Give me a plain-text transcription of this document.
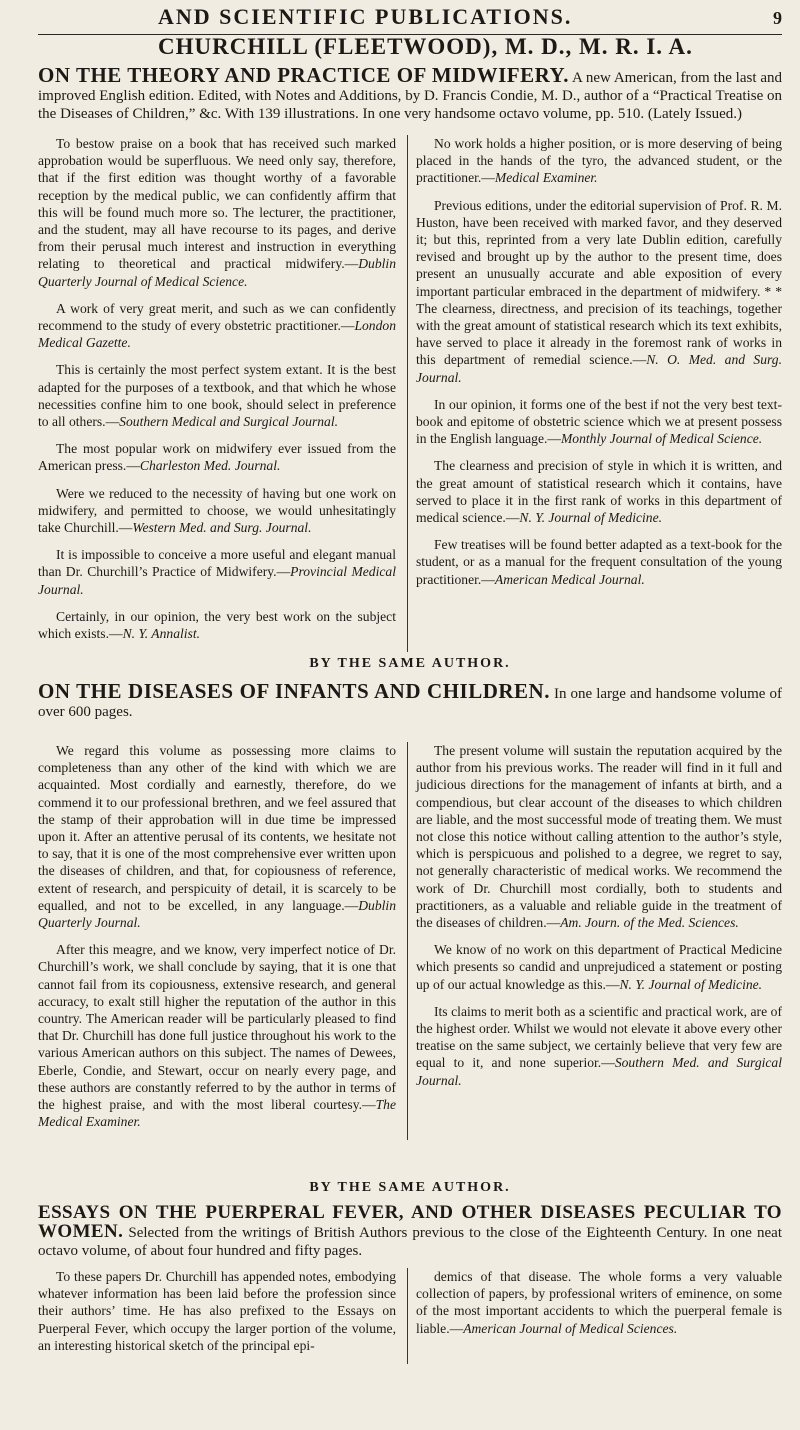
AND SCIENTIFIC PUBLICATIONS.	9
CHURCHILL (FLEETWOOD), M. D., M. R. I. A.
ON THE THEORY AND PRACTICE OF MIDWIFERY. A new American, from the last and improved English edition. Edited, with Notes and Additions, by D. Francis Condie, M. D., author of a “Practical Treatise on the Diseases of Children,” &c. With 139 illustrations. In one very handsome octavo volume, pp. 510. (Lately Issued.)

To bestow praise on a book that has received such marked approbation would be superfluous. We need only say, therefore, that if the first edition was thought worthy of a favorable reception by the medical public, we can confidently affirm that this will be found much more so. The lecturer, the practitioner, and the student, may all have recourse to its pages, and derive from their perusal much interest and instruction in everything relating to theoretical and practical midwifery.—Dublin Quarterly Journal of Medical Science.

A work of very great merit, and such as we can confidently recommend to the study of every obstetric practitioner.—London Medical Gazette.

This is certainly the most perfect system extant. It is the best adapted for the purposes of a textbook, and that which he whose necessities confine him to one book, should select in preference to all others.—Southern Medical and Surgical Journal.

The most popular work on midwifery ever issued from the American press.—Charleston Med. Journal.

Were we reduced to the necessity of having but one work on midwifery, and permitted to choose, we would unhesitatingly take Churchill.—Western Med. and Surg. Journal.

It is impossible to conceive a more useful and elegant manual than Dr. Churchill’s Practice of Midwifery.—Provincial Medical Journal.

Certainly, in our opinion, the very best work on the subject which exists.—N. Y. Annalist.

No work holds a higher position, or is more deserving of being placed in the hands of the tyro, the advanced student, or the practitioner.—Medical Examiner.

Previous editions, under the editorial supervision of Prof. R. M. Huston, have been received with marked favor, and they deserved it; but this, reprinted from a very late Dublin edition, carefully revised and brought up by the author to the present time, does present an unusually accurate and able exposition of every important particular embraced in the department of midwifery. * * The clearness, directness, and precision of its teachings, together with the great amount of statistical research which its text exhibits, have served to place it already in the foremost rank of works in this department of remedial science.—N. O. Med. and Surg. Journal.

In our opinion, it forms one of the best if not the very best text-book and epitome of obstetric science which we at present possess in the English language.—Monthly Journal of Medical Science.

The clearness and precision of style in which it is written, and the great amount of statistical research which it contains, have served to place it in the first rank of works in this department of medical science.—N. Y. Journal of Medicine.

Few treatises will be found better adapted as a text-book for the student, or as a manual for the frequent consultation of the young practitioner.—American Medical Journal.

BY THE SAME AUTHOR.
ON THE DISEASES OF INFANTS AND CHILDREN. In one large and handsome volume of over 600 pages.

We regard this volume as possessing more claims to completeness than any other of the kind with which we are acquainted. Most cordially and earnestly, therefore, do we commend it to our professional brethren, and we feel assured that the stamp of their approbation will in due time be impressed upon it. After an attentive perusal of its contents, we hesitate not to say, that it is one of the most comprehensive ever written upon the diseases of children, and that, for copiousness of reference, extent of research, and perspicuity of detail, it is scarcely to be equalled, and not to be excelled, in any language.—Dublin Quarterly Journal.

After this meagre, and we know, very imperfect notice of Dr. Churchill’s work, we shall conclude by saying, that it is one that cannot fail from its copiousness, extensive research, and general accuracy, to exalt still higher the reputation of the author in this country. The American reader will be particularly pleased to find that Dr. Churchill has done full justice throughout his work to the various American authors on this subject. The names of Dewees, Eberle, Condie, and Stewart, occur on nearly every page, and these authors are constantly referred to by the author in terms of the highest praise, and with the most liberal courtesy.—The Medical Examiner.

The present volume will sustain the reputation acquired by the author from his previous works. The reader will find in it full and judicious directions for the management of infants at birth, and a compendious, but clear account of the diseases to which children are liable, and the most successful mode of treating them. We must not close this notice without calling attention to the author’s style, which is perspicuous and polished to a degree, we regret to say, not generally characteristic of medical works. We recommend the work of Dr. Churchill most cordially, both to students and practitioners, as a valuable and reliable guide in the treatment of the diseases of children.—Am. Journ. of the Med. Sciences.

We know of no work on this department of Practical Medicine which presents so candid and unprejudiced a statement or posting up of our actual knowledge as this.—N. Y. Journal of Medicine.

Its claims to merit both as a scientific and practical work, are of the highest order. Whilst we would not elevate it above every other treatise on the same subject, we certainly believe that very few are equal to it, and none superior.—Southern Med. and Surgical Journal.

BY THE SAME AUTHOR.
ESSAYS ON THE PUERPERAL FEVER, AND OTHER DISEASES PECULIAR TO WOMEN. Selected from the writings of British Authors previous to the close of the Eighteenth Century. In one neat octavo volume, of about four hundred and fifty pages.

To these papers Dr. Churchill has appended notes, embodying whatever information has been laid before the profession since their authors’ time. He has also prefixed to the Essays on Puerperal Fever, which occupy the larger portion of the volume, an interesting historical sketch of the principal epi-

demics of that disease. The whole forms a very valuable collection of papers, by professional writers of eminence, on some of the most important accidents to which the puerperal female is liable.—American Journal of Medical Sciences.
